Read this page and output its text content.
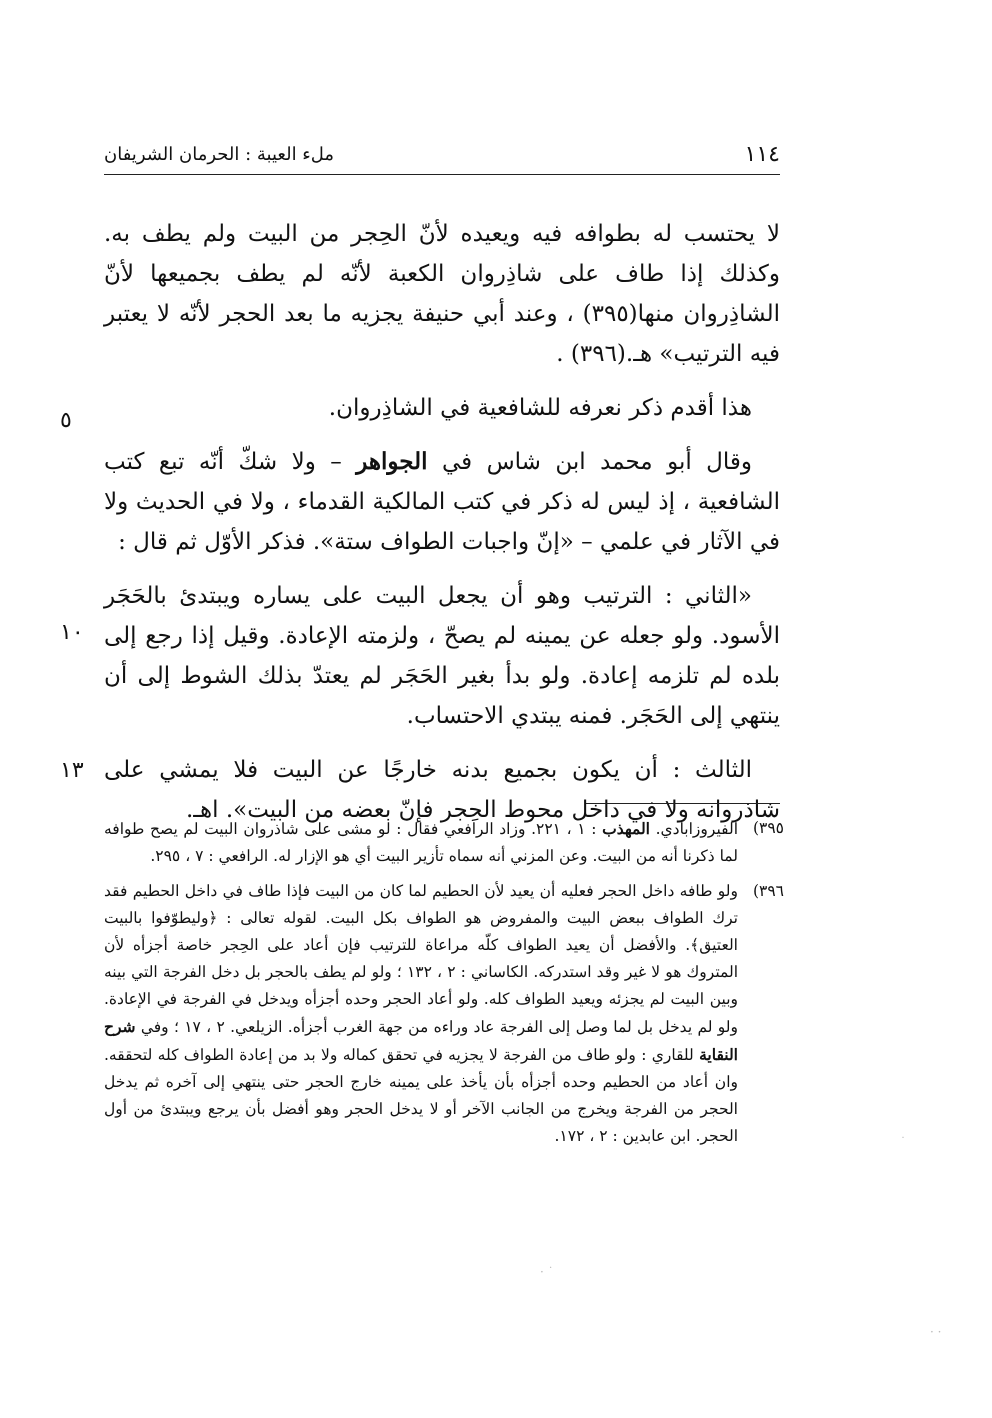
١١٤
ملء العيبة : الحرمان الشريفان

لا يحتسب له بطوافه فيه ويعيده لأنّ الحِجر من البيت ولم يطف به. وكذلك إذا طاف على شاذِروان الكعبة لأنّه لم يطف بجميعها لأنّ الشاذِروان منها(٣٩٥) ، وعند أبي حنيفة يجزيه ما بعد الحجر لأنّه لا يعتبر فيه الترتيب» هـ.(٣٩٦) .

هذا أقدم ذكر نعرفه للشافعية في الشاذِروان.

وقال أبو محمد ابن شاس في الجواهر – ولا شكّ أنّه تبع كتب الشافعية ، إذ ليس له ذكر في كتب المالكية القدماء ، ولا في الحديث ولا في الآثار في علمي – «إنّ واجبات الطواف ستة». فذكر الأوّل ثم قال :

«الثاني : الترتيب وهو أن يجعل البيت على يساره ويبتدئ بالحَجَر الأسود. ولو جعله عن يمينه لم يصحّ ، ولزمته الإعادة. وقيل إذا رجع إلى بلده لم تلزمه إعادة. ولو بدأ بغير الحَجَر لم يعتدّ بذلك الشوط إلى أن ينتهي إلى الحَجَر. فمنه يبتدي الاحتساب.

الثالث : أن يكون بجميع بدنه خارجًا عن البيت فلا يمشي على شاذروانه ولا في داخل محوط الحِجر فإنّ بعضه من البيت». اهـ.

٥
١٠
١٣
٣٩٥)
الفيروزابادي. المهذب : ١ ، ٢٢١. وزاد الرافعي فقال : لو مشى على شاذروان البيت لم يصح طوافه لما ذكرنا أنه من البيت. وعن المزني أنه سماه تأزير البيت أي هو الإزار له. الرافعي : ٧ ، ٢٩٥.
٣٩٦)
ولو طافه داخل الحجر فعليه أن يعيد لأن الحطيم لما كان من البيت فإذا طاف في داخل الحطيم فقد ترك الطواف ببعض البيت والمفروض هو الطواف بكل البيت. لقوله تعالى : ﴿وليطوّفوا بالبيت العتيق﴾. والأفضل أن يعيد الطواف كلّه مراعاة للترتيب فإن أعاد على الحِجر خاصة أجزأه لأن المتروك هو لا غير وقد استدركه. الكاساني : ٢ ، ١٣٢ ؛ ولو لم يطف بالحجر بل دخل الفرجة التي بينه وبين البيت لم يجزئه ويعيد الطواف كله. ولو أعاد الحجر وحده أجزأه ويدخل في الفرجة في الإعادة. ولو لم يدخل بل لما وصل إلى الفرجة عاد وراءه من جهة الغرب أجزأه. الزيلعي. ٢ ، ١٧ ؛ وفي شرح النقاية للقاري : ولو طاف من الفرجة لا يجزيه في تحقق كماله ولا بد من إعادة الطواف كله لتحققه. وان أعاد من الحطيم وحده أجزأه بأن يأخذ على يمينه خارج الحجر حتى ينتهي إلى آخره ثم يدخل الحجر من الفرجة ويخرج من الجانب الآخر أو لا يدخل الحجر وهو أفضل بأن يرجع ويبتدئ من أول الحجر. ابن عابدين : ٢ ، ١٧٢.
· ˙
˙
· ·
